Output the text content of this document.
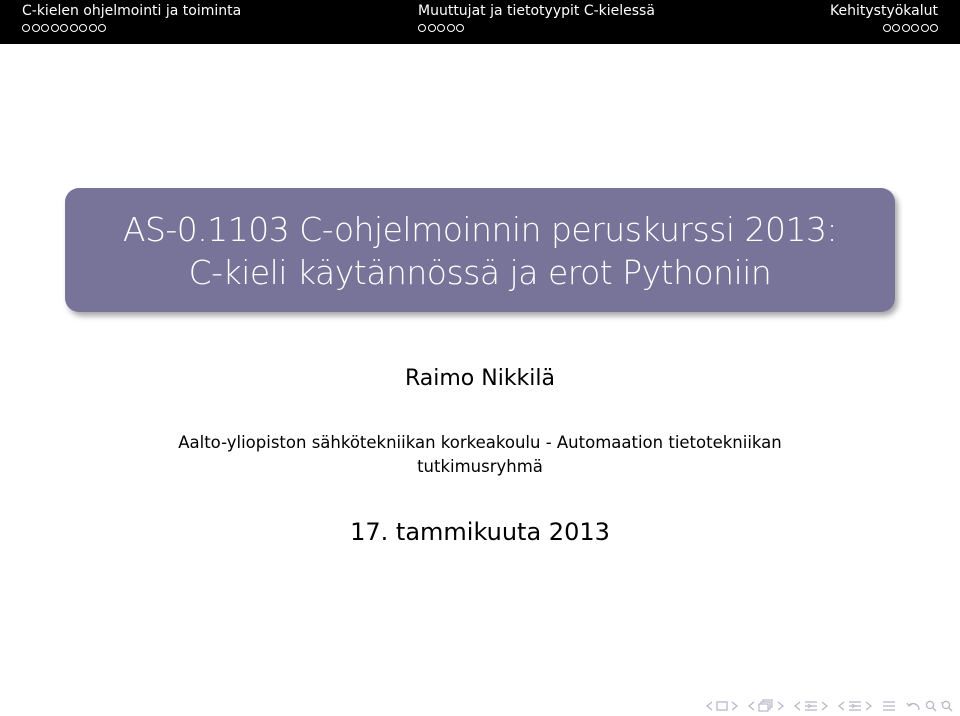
C-kielen ohjelmointi ja toiminta	Muuttujat ja tietotyypit C-kielessä	Kehitystyökalut
AS-0.1103 C-ohjelmoinnin peruskurssi 2013:
C-kieli käytännössä ja erot Pythoniin
Raimo Nikkilä
Aalto-yliopiston sähkötekniikan korkeakoulu - Automaation tietotekniikan
tutkimusryhmä
17. tammikuuta 2013
